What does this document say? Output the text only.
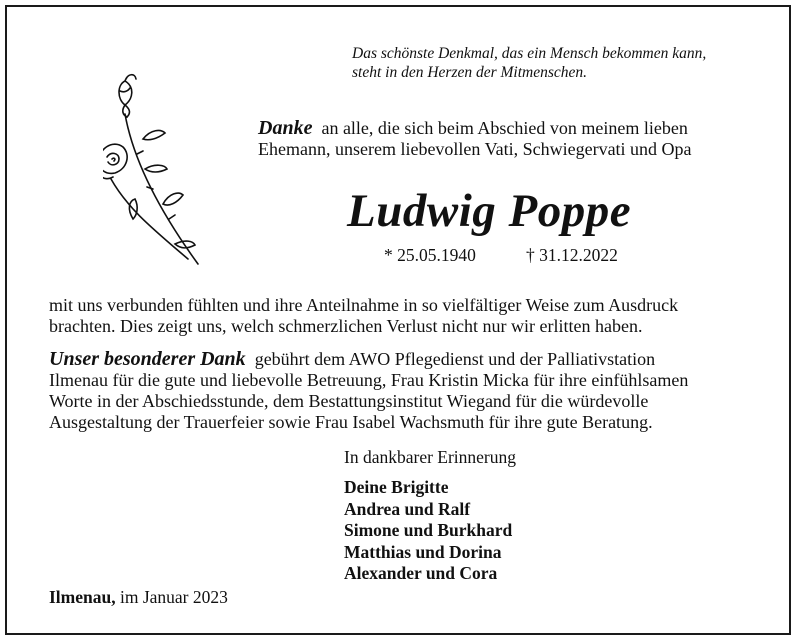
Das schönste Denkmal, das ein Mensch bekommen kann,
steht in den Herzen der Mitmenschen.
Danke an alle, die sich beim Abschied von meinem lieben
Ehemann, unserem liebevollen Vati, Schwiegervati und Opa
Ludwig Poppe
* 25.05.1940	† 31.12.2022
mit uns verbunden fühlten und ihre Anteilnahme in so vielfältiger Weise zum Ausdruck
brachten. Dies zeigt uns, welch schmerzlichen Verlust nicht nur wir erlitten haben.
Unser besonderer Dank gebührt dem AWO Pflegedienst und der Palliativstation
Ilmenau für die gute und liebevolle Betreuung, Frau Kristin Micka für ihre einfühlsamen
Worte in der Abschiedsstunde, dem Bestattungsinstitut Wiegand für die würdevolle
Ausgestaltung der Trauerfeier sowie Frau Isabel Wachsmuth für ihre gute Beratung.
In dankbarer Erinnerung
Deine Brigitte
Andrea und Ralf
Simone und Burkhard
Matthias und Dorina
Alexander und Cora
Ilmenau, im Januar 2023
